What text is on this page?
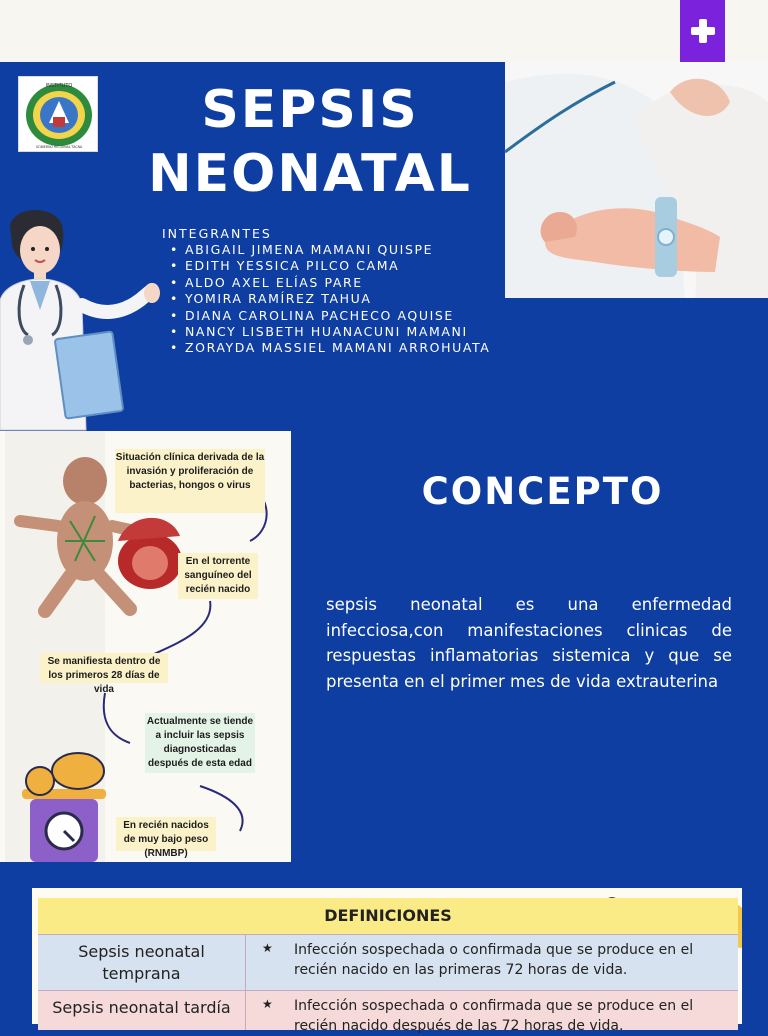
INSTITUTO
GOBIERNO REGIONAL TACNA
SEPSIS
NEONATAL
INTEGRANTES
• ABIGAIL JIMENA MAMANI QUISPE
• EDITH YESSICA PILCO CAMA
• ALDO AXEL ELÍAS PARE
• YOMIRA RAMÍREZ TAHUA
• DIANA CAROLINA PACHECO AQUISE
• NANCY LISBETH HUANACUNI MAMANI
• ZORAYDA MASSIEL MAMANI ARROHUATA
Situación clínica derivada de la invasión y proliferación de bacterias, hongos o virus
En el torrente sanguíneo del recién nacido
Se manifiesta dentro de los primeros 28 días de vida
Actualmente se tiende a incluir las sepsis diagnosticadas después de esta edad
En recién nacidos de muy bajo peso (RNMBP)
CONCEPTO
sepsis neonatal es una enfermedad infecciosa,con manifestaciones clinicas de respuestas inflamatorias sistemica y que se presenta en el primer mes de vida extrauterina
DEFINICIONES
Sepsis neonatal temprana
★ Infección sospechada o confirmada que se produce en el recién nacido en las primeras 72 horas de vida.
Sepsis neonatal tardía	★ Infección sospechada o confirmada que se produce en el recién nacido después de las 72 horas de vida.
